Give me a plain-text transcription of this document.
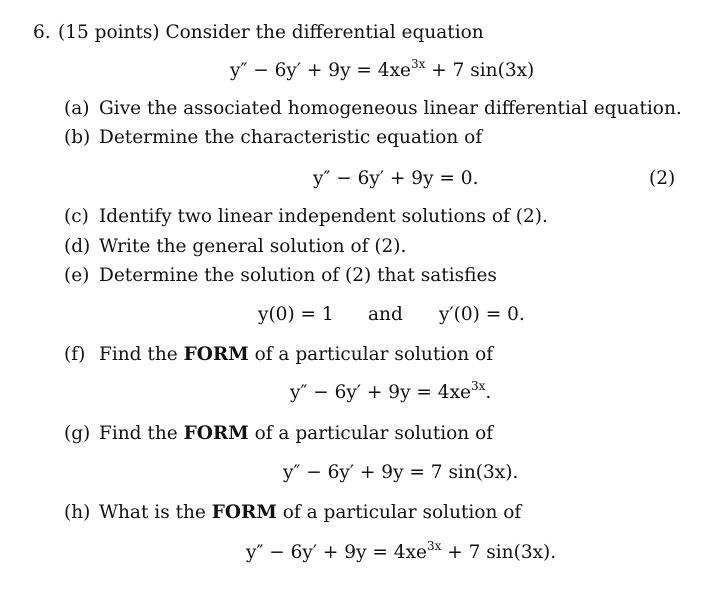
6. (15 points) Consider the differential equation
$y'' - 6y' + 9y = 4xe^{3x} + 7$ sin(3x)
(a) Give the associated homogeneous linear differential equation.
(b) Determine the characteristic equation of
y″ − 6y′ + 9y = 0.	(2)
(c) Identify two linear independent solutions of (2).
(d) Write the general solution of (2).
(e) Determine the solution of (2) that satisfies
y(0) = 1 and y′(0) = 0.
(f) Find the FORM of a particular solution of
$y'' - 6y' + 9y = 4xe^{3x}$.
(g) Find the FORM of a particular solution of
y″ − 6y′ + 9y = 7 sin(3x).
(h) What is the FORM of a particular solution of
$y'' - 6y' + 9y = 4xe^{3x} + 7$ sin(3x).
